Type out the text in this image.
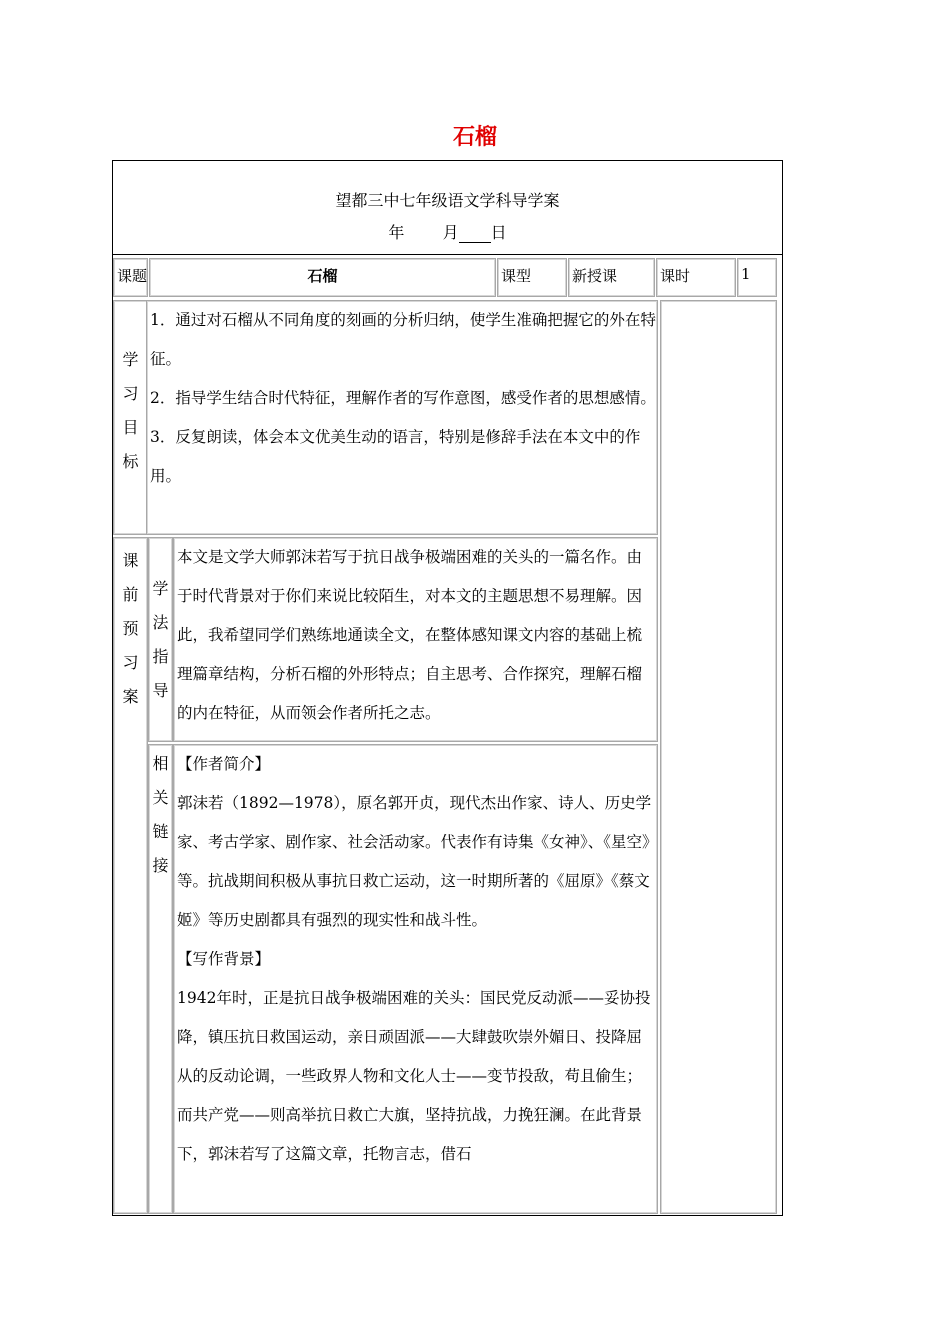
石榴
望都三中七年级语文学科导学案
年 月 日
课题	石榴	课型	新授课	课时	1
学
习
目
标

1．通过对石榴从不同角度的刻画的分析归纳，使学生准确把握它的外在特征。

2．指导学生结合时代特征，理解作者的写作意图，感受作者的思想感情。

3．反复朗读，体会本文优美生动的语言，特别是修辞手法在本文中的作用。

课
前
预
习
案
学
法
指
导

本文是文学大师郭沫若写于抗日战争极端困难的关头的一篇名作。由于时代背景对于你们来说比较陌生，对本文的主题思想不易理解。因此，我希望同学们熟练地通读全文，在整体感知课文内容的基础上梳理篇章结构，分析石榴的外形特点；自主思考、合作探究，理解石榴的内在特征，从而领会作者所托之志。

相
关
链
接

【作者简介】

郭沫若（1892—1978），原名郭开贞，现代杰出作家、诗人、历史学家、考古学家、剧作家、社会活动家。代表作有诗集《女神》、《星空》等。抗战期间积极从事抗日救亡运动，这一时期所著的《屈原》《蔡文姬》等历史剧都具有强烈的现实性和战斗性。

【写作背景】

1942年时，正是抗日战争极端困难的关头：国民党反动派——妥协投降，镇压抗日救国运动，亲日顽固派——大肆鼓吹崇外媚日、投降屈从的反动论调，一些政界人物和文化人士——变节投敌，苟且偷生；而共产党——则高举抗日救亡大旗，坚持抗战，力挽狂澜。在此背景下，郭沫若写了这篇文章，托物言志，借石
